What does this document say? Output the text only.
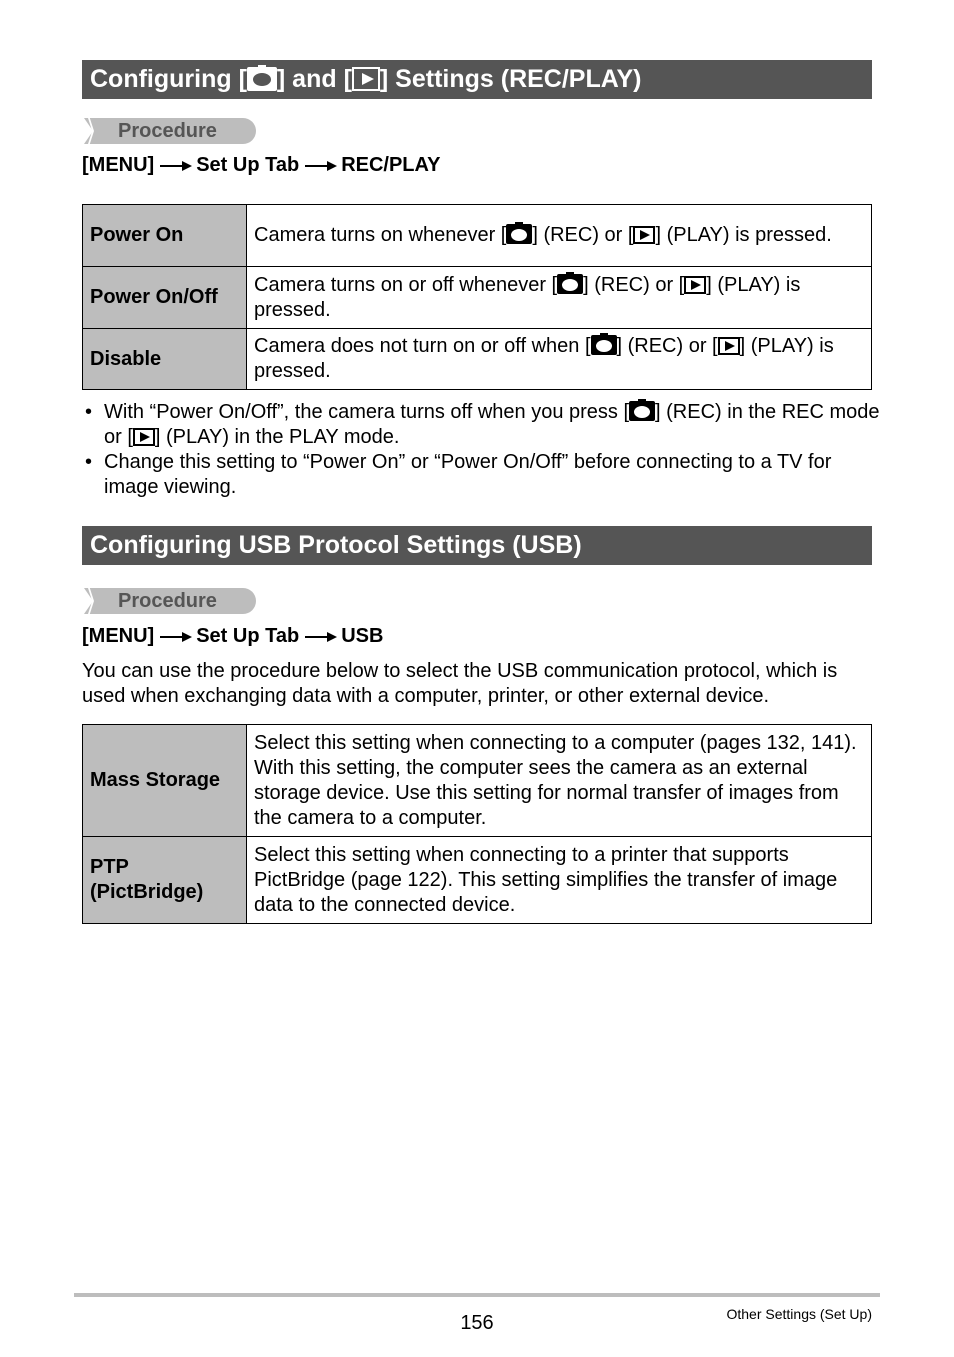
Configuring [ ] and [ ] Settings (REC/PLAY)
Procedure
[MENU] Set Up Tab REC/PLAY
Power On	Camera turns on whenever [ ] (REC) or [ ] (PLAY) is pressed.
Power On/Off	Camera turns on or off whenever [ ] (REC) or [ ] (PLAY) is pressed.
Disable	Camera does not turn on or off when [ ] (REC) or [ ] (PLAY) is pressed.
• With “Power On/Off”, the camera turns off when you press [ ] (REC) in the REC mode or [ ] (PLAY) in the PLAY mode.
• Change this setting to “Power On” or “Power On/Off” before connecting to a TV for image viewing.
Configuring USB Protocol Settings (USB)
Procedure
[MENU] Set Up Tab USB
You can use the procedure below to select the USB communication protocol, which is used when exchanging data with a computer, printer, or other external device.
Mass Storage	Select this setting when connecting to a computer (pages 132, 141). With this setting, the computer sees the camera as an external storage device. Use this setting for normal transfer of images from the camera to a computer.
PTP
(PictBridge)	Select this setting when connecting to a printer that supports PictBridge (page 122). This setting simplifies the transfer of image data to the connected device.
156	Other Settings (Set Up)
